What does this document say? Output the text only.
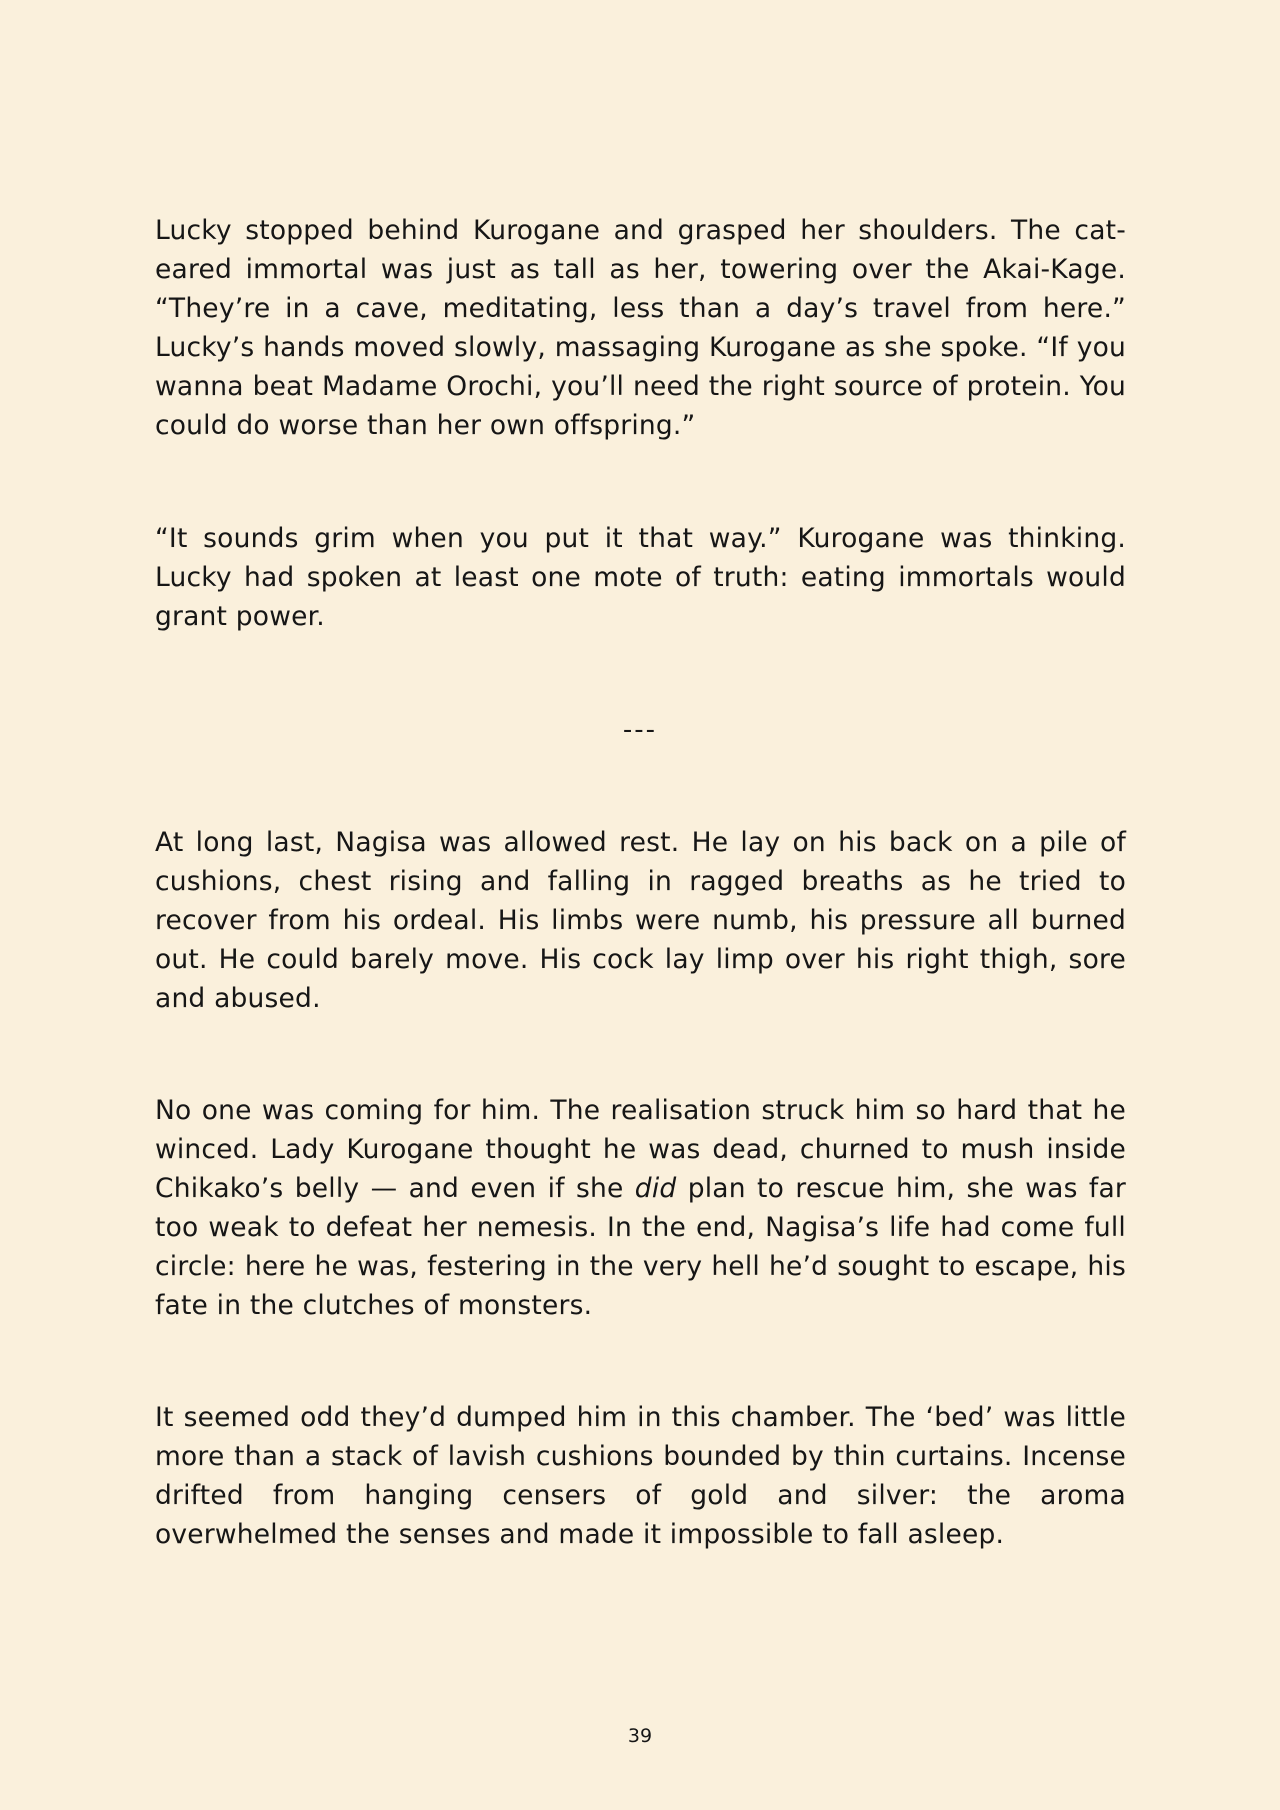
Lucky stopped behind Kurogane and grasped her shoulders. The cat-eared immortal was just as tall as her, towering over the Akai-Kage. “They’re in a cave, meditating, less than a day’s travel from here.” Lucky’s hands moved slowly, massaging Kurogane as she spoke. “If you wanna beat Madame Orochi, you’ll need the right source of protein. You could do worse than her own offspring.”

“It sounds grim when you put it that way.” Kurogane was thinking. Lucky had spoken at least one mote of truth: eating immortals would grant power.

---

At long last, Nagisa was allowed rest. He lay on his back on a pile of cushions, chest rising and falling in ragged breaths as he tried to recover from his ordeal. His limbs were numb, his pressure all burned out. He could barely move. His cock lay limp over his right thigh, sore and abused.

No one was coming for him. The realisation struck him so hard that he winced. Lady Kurogane thought he was dead, churned to mush inside Chikako’s belly — and even if she did plan to rescue him, she was far too weak to defeat her nemesis. In the end, Nagisa’s life had come full circle: here he was, festering in the very hell he’d sought to escape, his fate in the clutches of monsters.

It seemed odd they’d dumped him in this chamber. The ‘bed’ was little more than a stack of lavish cushions bounded by thin curtains. Incense drifted from hanging censers of gold and silver: the aroma overwhelmed the senses and made it impossible to fall asleep.

39
